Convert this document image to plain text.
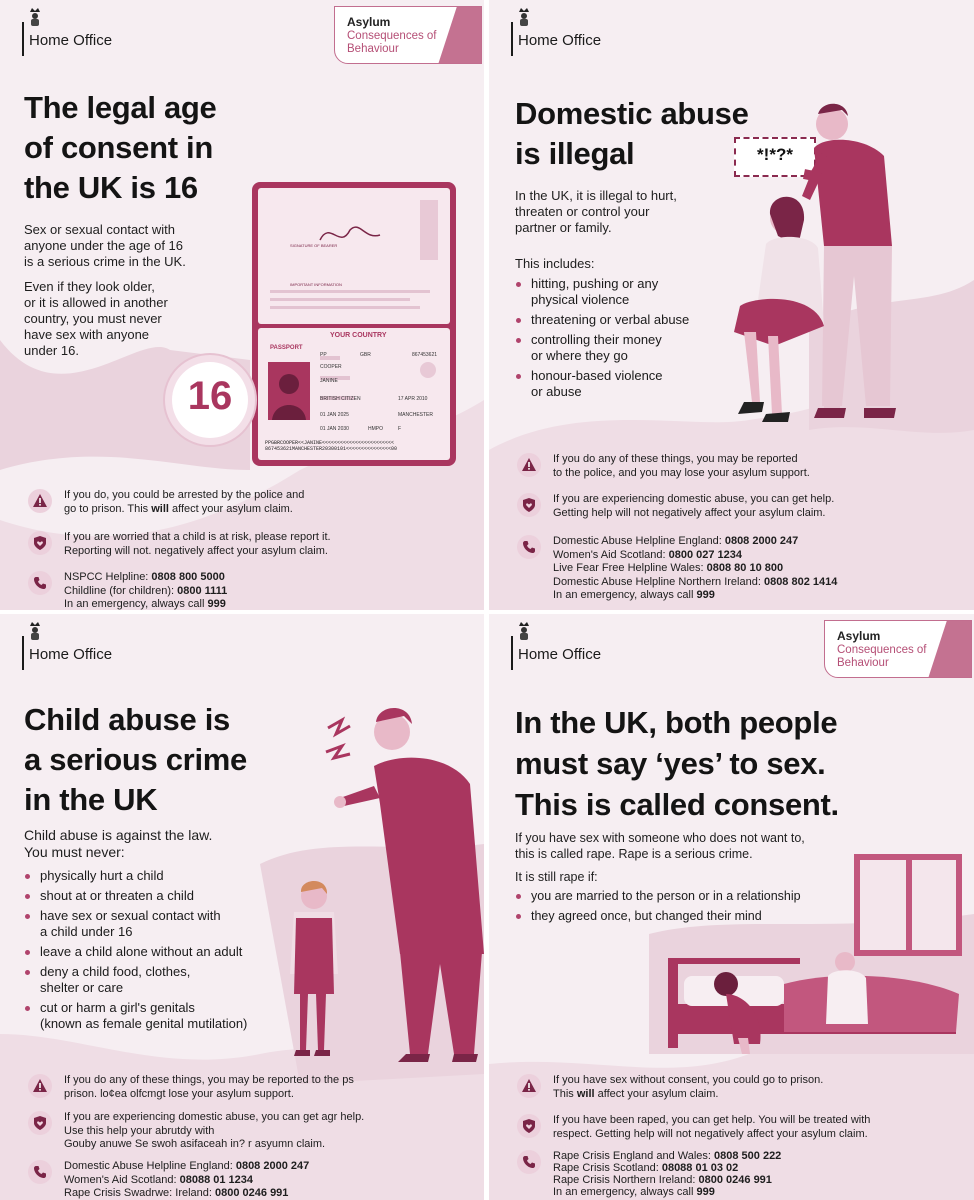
Home Office
Asylum
Consequences of Behaviour
The legal age
of consent in
the UK is 16
Sex or sexual contact with
anyone under the age of 16
is a serious crime in the UK.
Even if they look older,
or it is allowed in another
country, you must never
have sex with anyone
under 16.
YOUR COUNTRY
PASSPORT
PP	GBR	867453621
COOPER
JANINE
BRITISH CITIZEN	17 APR 2010
01 JAN 2025	MANCHESTER
01 JAN 2030	HMPO	F
SIGNATURE OF BEARER
IMPORTANT INFORMATION
PPGBRCOOPER<<JANINE<<<<<<<<<<<<<<<<<<<<<<<<
867453621MANCHESTER20300101<<<<<<<<<<<<<<<00
16
If you do, you could be arrested by the police and
go to prison. This will affect your asylum claim.
If you are worried that a child is at risk, please report it.
Reporting will not. negatively affect your asylum claim.
NSPCC Helpline: 0808 800 5000
Childline (for children): 0800 1111
In an emergency, always call 999
Home Office
Domestic abuse
is illegal
In the UK, it is illegal to hurt,
threaten or control your
partner or family.
This includes:
hitting, pushing or any
physical violence
threatening or verbal abuse
controlling their money
or where they go
honour-based violence
or abuse
*!*?*
If you do any of these things, you may be reported
to the police, and you may lose your asylum support.
If you are experiencing domestic abuse, you can get help.
Getting help will not negatively affect your asylum claim.
Domestic Abuse Helpline England: 0808 2000 247
Women's Aid Scotland: 0800 027 1234
Live Fear Free Helpline Wales: 0808 80 10 800
Domestic Abuse Helpline Northern Ireland: 0808 802 1414
In an emergency, always call 999
Home Office
Child abuse is
a serious crime
in the UK
Child abuse is against the law.
You must never:
physically hurt a child
shout at or threaten a child
have sex or sexual contact with
a child under 16
leave a child alone without an adult
deny a child food, clothes,
shelter or care
cut or harm a girl's genitals
(known as female genital mutilation)
If you do any of these things, you may be reported to the ps
prison. lo¢ea olfcmgt lose your asylum support.
If you are experiencing domestic abuse, you can get agr help.
Use this help your abrutdy with
Gouby anuwe Se swoh asifaceah in? r asyumn claim.
Domestic Abuse Helpline England: 0808 2000 247
Women's Aid Scotland: 08088 01 1234
Rape Crisis Swadrwe: Ireland: 0800 0246 991
Home Office
Asylum
Consequences of Behaviour
In the UK, both people
must say ‘yes’ to sex.
This is called consent.
If you have sex with someone who does not want to,
this is called rape. Rape is a serious crime.
It is still rape if:
you are married to the person or in a relationship
they agreed once, but changed their mind
If you have sex without consent, you could go to prison.
This will affect your asylum claim.
If you have been raped, you can get help. You will be treated with
respect. Getting help will not negatively affect your asylum claim.
Rape Crisis England and Wales: 0808 500 222
Rape Crisis Scotland: 08088 01 03 02
Rape Crisis Northern Ireland: 0800 0246 991
In an emergency, always call 999
